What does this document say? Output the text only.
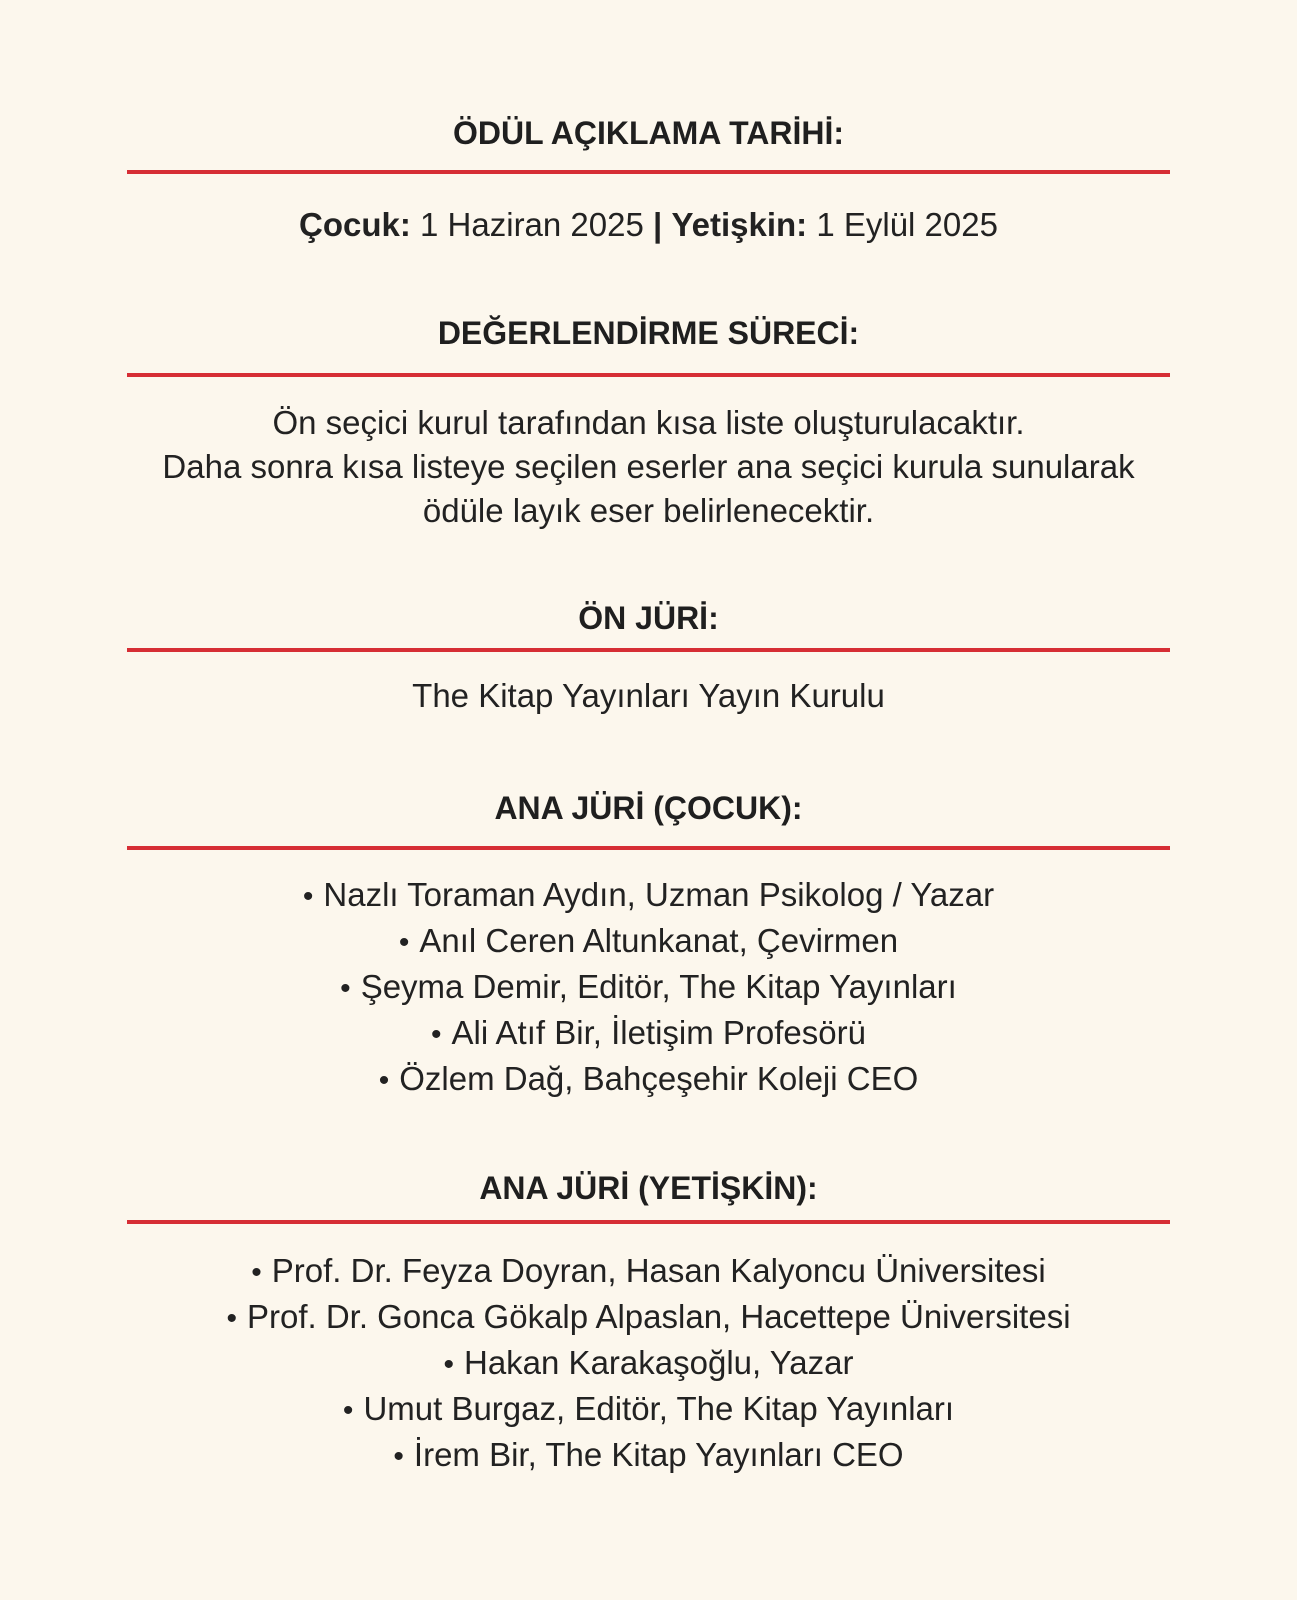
ÖDÜL AÇIKLAMA TARİHİ:
Çocuk: 1 Haziran 2025 | Yetişkin: 1 Eylül 2025
DEĞERLENDİRME SÜRECİ:
Ön seçici kurul tarafından kısa liste oluşturulacaktır.
Daha sonra kısa listeye seçilen eserler ana seçici kurula sunularak
ödüle layık eser belirlenecektir.
ÖN JÜRİ:
The Kitap Yayınları Yayın Kurulu
ANA JÜRİ (ÇOCUK):
• Nazlı Toraman Aydın, Uzman Psikolog / Yazar
• Anıl Ceren Altunkanat, Çevirmen
• Şeyma Demir, Editör, The Kitap Yayınları
• Ali Atıf Bir, İletişim Profesörü
• Özlem Dağ, Bahçeşehir Koleji CEO
ANA JÜRİ (YETİŞKİN):
• Prof. Dr. Feyza Doyran, Hasan Kalyoncu Üniversitesi
• Prof. Dr. Gonca Gökalp Alpaslan, Hacettepe Üniversitesi
• Hakan Karakaşoğlu, Yazar
• Umut Burgaz, Editör, The Kitap Yayınları
• İrem Bir, The Kitap Yayınları CEO
